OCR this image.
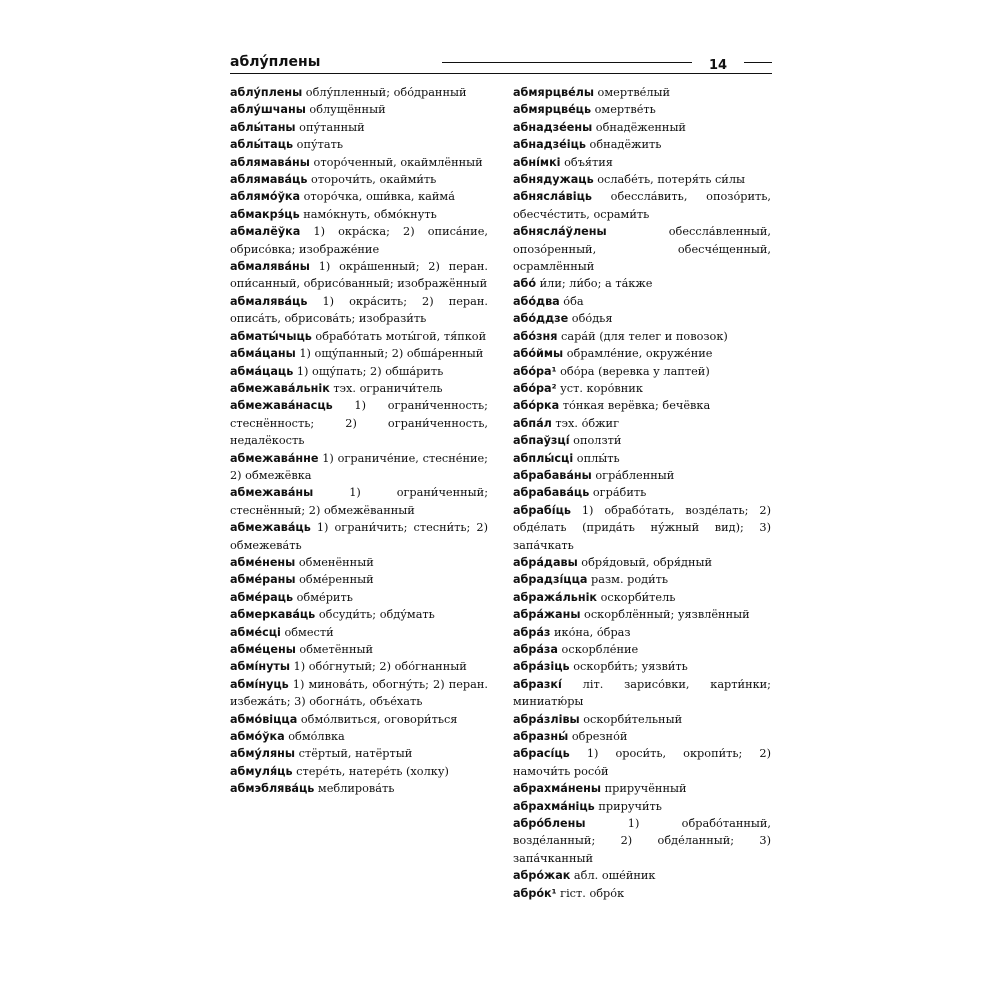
аблу́плены	14

аблу́плены облу́пленный; обо́дранный

аблу́шчаны облущённый

аблы́таны опу́танный

аблы́таць опу́тать

аблямава́ны оторо́ченный, окаймлённый

аблямава́ць оторочи́ть, окайми́ть

аблямо́ўка оторо́чка, оши́вка, кайма́

абмакрэ́ць намо́кнуть, обмо́кнуть

абмалёўка 1) окра́ска; 2) описа́ние, обрисо́вка; изображе́ние

абмалява́ны 1) окра́шенный; 2) перан. опи́санный, обрисо́ванный; изображённый

абмалява́ць 1) окра́сить; 2) перан. описа́ть, обрисова́ть; изобрази́ть

абматы́чыць обрабо́тать моты́гой, тя́пкой

абма́цаны 1) ощу́панный; 2) обша́ренный

абма́цаць 1) ощу́пать; 2) обша́рить

абмежава́льнік тэх. ограничи́тель

абмежава́насць 1) ограни́ченность; стеснённость; 2) ограни́ченность, недалёкость

абмежава́нне 1) ограниче́ние, стесне́ние; 2) обмежёвка

абмежава́ны 1) ограни́ченный; стеснённый; 2) обмежёванный

абмежава́ць 1) ограни́чить; стесни́ть; 2) обмежева́ть

абме́нены обменённый

абме́раны обме́ренный

абме́раць обме́рить

абмеркава́ць обсуди́ть; обду́мать

абме́сці обмести́

абме́цены обметённый

абмі́нуты 1) обо́гнутый; 2) обо́гнанный

абмі́нуць 1) минова́ть, обогну́ть; 2) перан. избежа́ть; 3) обогна́ть, объе́хать

абмо́віцца обмо́лвиться, оговори́ться

абмо́ўка обмо́лвка

абму́ляны стёртый, натёртый

абмуля́ць стере́ть, натере́ть (холку)

абмэблява́ць меблирова́ть

абмярцве́лы омертве́лый

абмярцве́ць омертве́ть

абнадзе́ены обнадёженный

абнадзе́іць обнадёжить

абні́мкі объя́тия

абнядужаць ослабе́ть, потеря́ть си́лы

абнясла́віць обессла́вить, опозо́рить, обесче́стить, осрами́ть

абнясла́ўлены обессла́вленный, опозо́ренный, обесче́щенный, осрамлённый

або́ и́ли; ли́бо; а та́кже

або́два о́ба

або́ддзе обо́дья

або́зня сара́й (для телег и повозок)

або́ймы обрамле́ние, окруже́ние

або́ра¹ обо́ра (веревка у лаптей)

або́ра² уст. коро́вник

або́рка то́нкая верёвка; бечёвка

абпа́л тэх. о́бжиг

абпаўзці́ оползти́

абплы́сці оплы́ть

абрабава́ны огра́бленный

абрабава́ць огра́бить

абрабі́ць 1) обрабо́тать, возде́лать; 2) обде́лать (прида́ть ну́жный вид); 3) запа́чкать

абра́давы обря́довый, обря́дный

абрадзі́цца разм. роди́ть

абража́льнік оскорби́тель

абра́жаны оскорблённый; уязвлённый

абра́з ико́на, о́браз

абра́за оскорбле́ние

абра́зіць оскорби́ть; уязви́ть

абразкі́ літ. зарисо́вки, карти́нки; миниатю́ры

абра́злівы оскорби́тельный

абразны́ обрезно́й

абрасі́ць 1) ороси́ть, окропи́ть; 2) намочи́ть росо́й

абрахма́нены приручённый

абрахма́ніць приручи́ть

абро́блены 1) обрабо́танный, возде́ланный; 2) обде́ланный; 3) запа́чканный

абро́жак абл. оше́йник

абро́к¹ гіст. обро́к
